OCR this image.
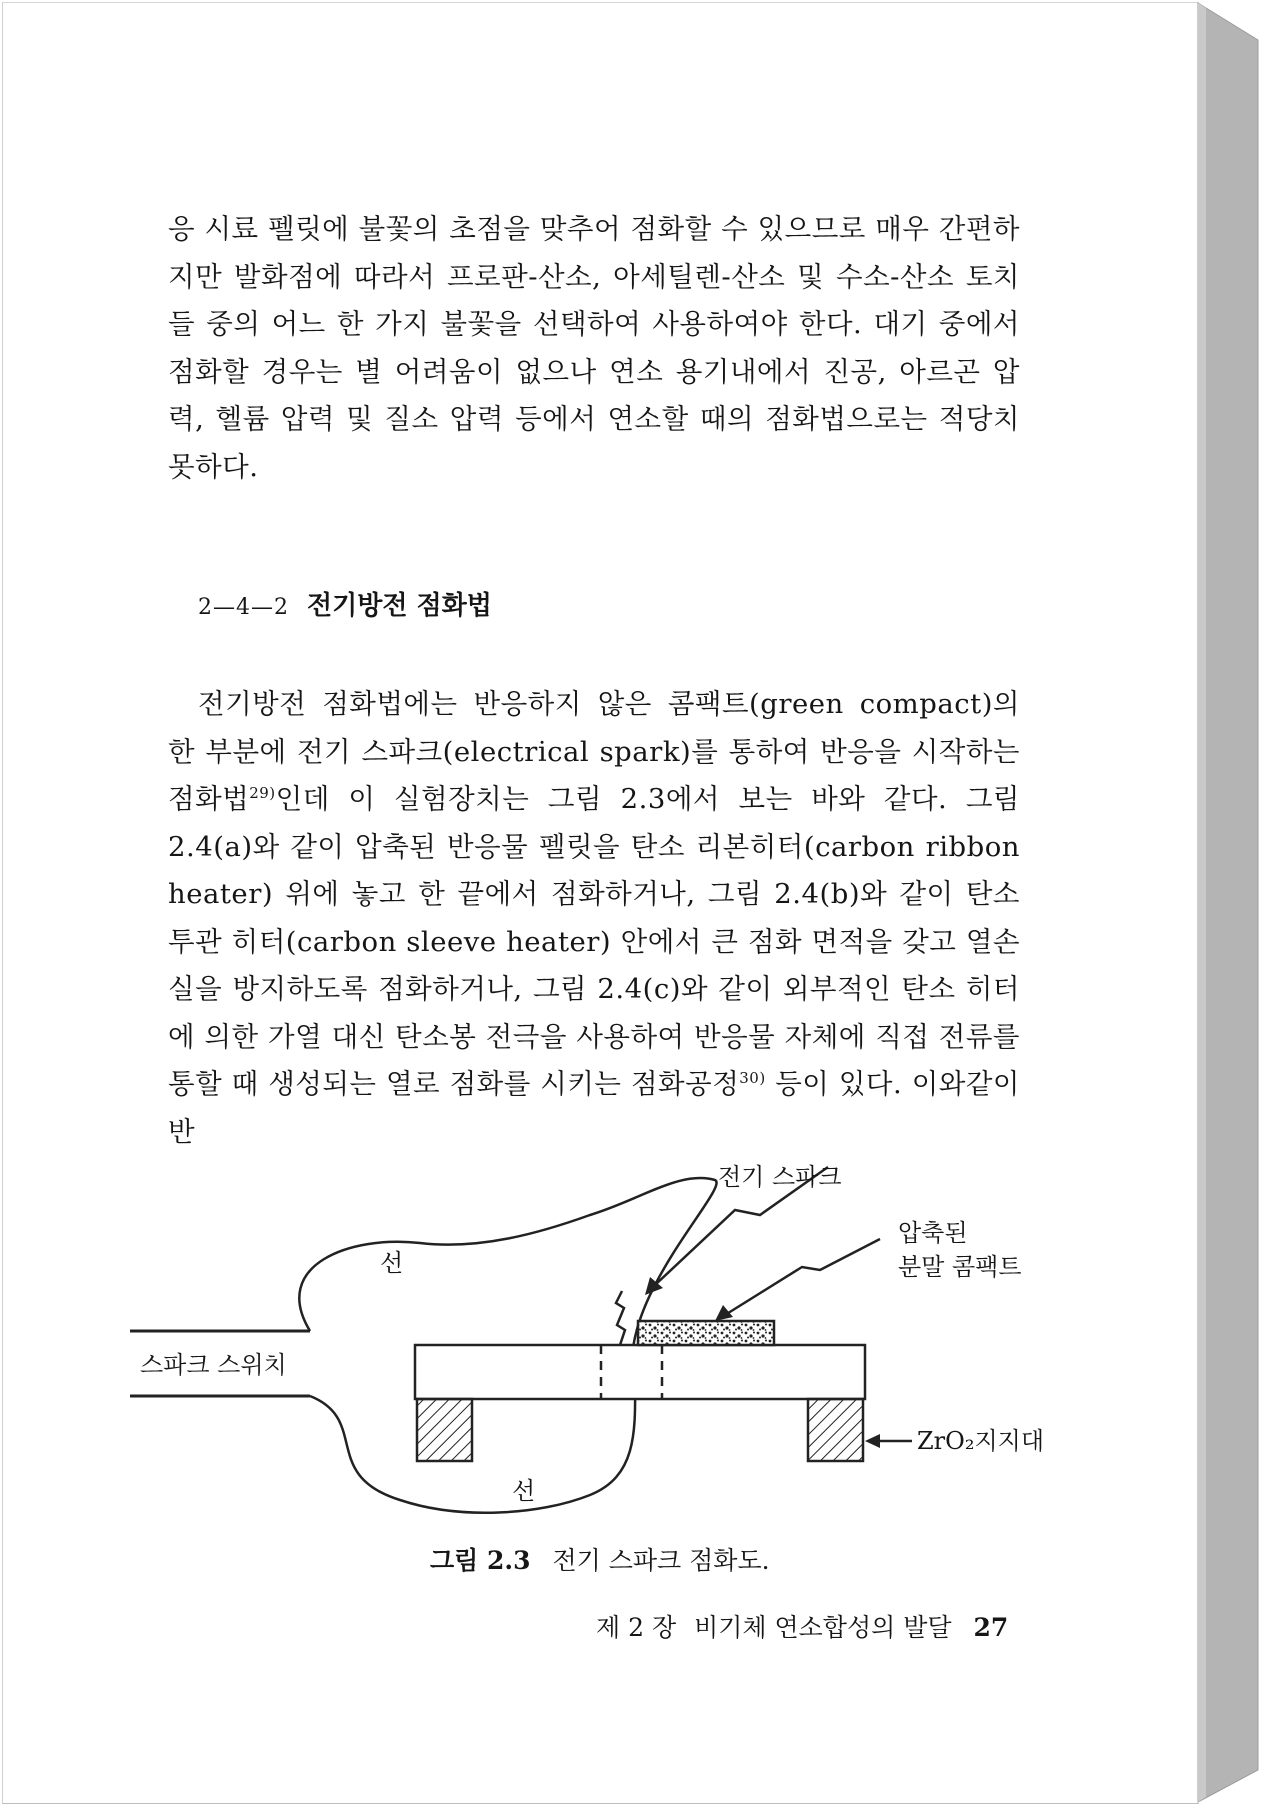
응 시료 펠릿에 불꽃의 초점을 맞추어 점화할 수 있으므로 매우 간편하지만 발화점에 따라서 프로판-산소, 아세틸렌-산소 및 수소-산소 토치들 중의 어느 한 가지 불꽃을 선택하여 사용하여야 한다. 대기 중에서 점화할 경우는 별 어려움이 없으나 연소 용기내에서 진공, 아르곤 압력, 헬륨 압력 및 질소 압력 등에서 연소할 때의 점화법으로는 적당치 못하다.
2—4—2 전기방전 점화법
전기방전 점화법에는 반응하지 않은 콤팩트(green compact)의 한 부분에 전기 스파크(electrical spark)를 통하여 반응을 시작하는 점화법$^{29)}$인데 이 실험장치는 그림 2.3에서 보는 바와 같다. 그림 2.4(a)와 같이 압축된 반응물 펠릿을 탄소 리본히터(carbon ribbon heater) 위에 놓고 한 끝에서 점화하거나, 그림 2.4(b)와 같이 탄소 투관 히터(carbon sleeve heater) 안에서 큰 점화 면적을 갖고 열손실을 방지하도록 점화하거나, 그림 2.4(c)와 같이 외부적인 탄소 히터에 의한 가열 대신 탄소봉 전극을 사용하여 반응물 자체에 직접 전류를 통할 때 생성되는 열로 점화를 시키는 점화공정$^{30)}$ 등이 있다. 이와같이 반
전기 스파크
압축된
분말 콤팩트
선
선
스파크 스위치
ZrO₂지지대
그림 2.3 전기 스파크 점화도.
제 2 장 비기체 연소합성의 발달 27
